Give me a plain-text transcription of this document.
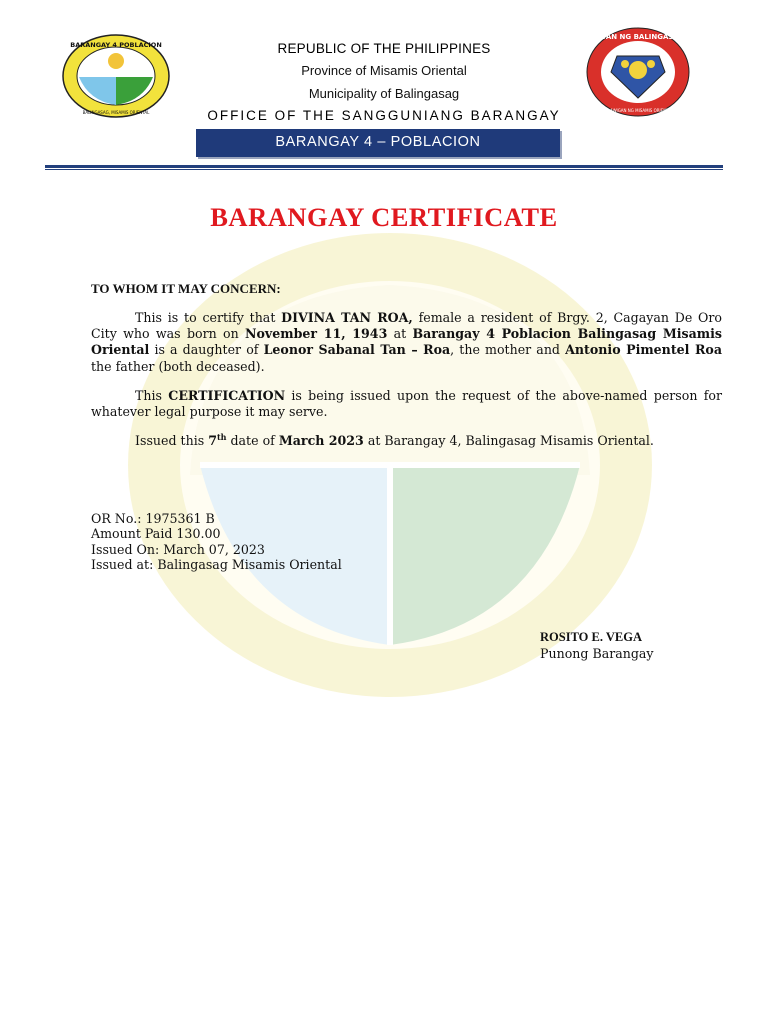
BARANGAY 4 POBLACION
BALINGASAG, MISAMIS ORIENTAL
BAYAN NG BALINGASAG
LALAWIGAN NG MISAMIS ORIENTAL
REPUBLIC OF THE PHILIPPINES
Province of Misamis Oriental
Municipality of Balingasag
OFFICE OF THE SANGGUNIANG BARANGAY
BARANGAY 4 – POBLACION
BARANGAY CERTIFICATE
TO WHOM IT MAY CONCERN:
This is to certify that DIVINA TAN ROA, female a resident of Brgy. 2, Cagayan De Oro City who was born on November 11, 1943 at Barangay 4 Poblacion Balingasag Misamis Oriental is a daughter of Leonor Sabanal Tan – Roa, the mother and Antonio Pimentel Roa the father (both deceased).
This CERTIFICATION is being issued upon the request of the above-named person for whatever legal purpose it may serve.
Issued this 7th date of March 2023 at Barangay 4, Balingasag Misamis Oriental.
OR No.: 1975361 B
Amount Paid 130.00
Issued On: March 07, 2023
Issued at: Balingasag Misamis Oriental
ROSITO E. VEGA
Punong Barangay
